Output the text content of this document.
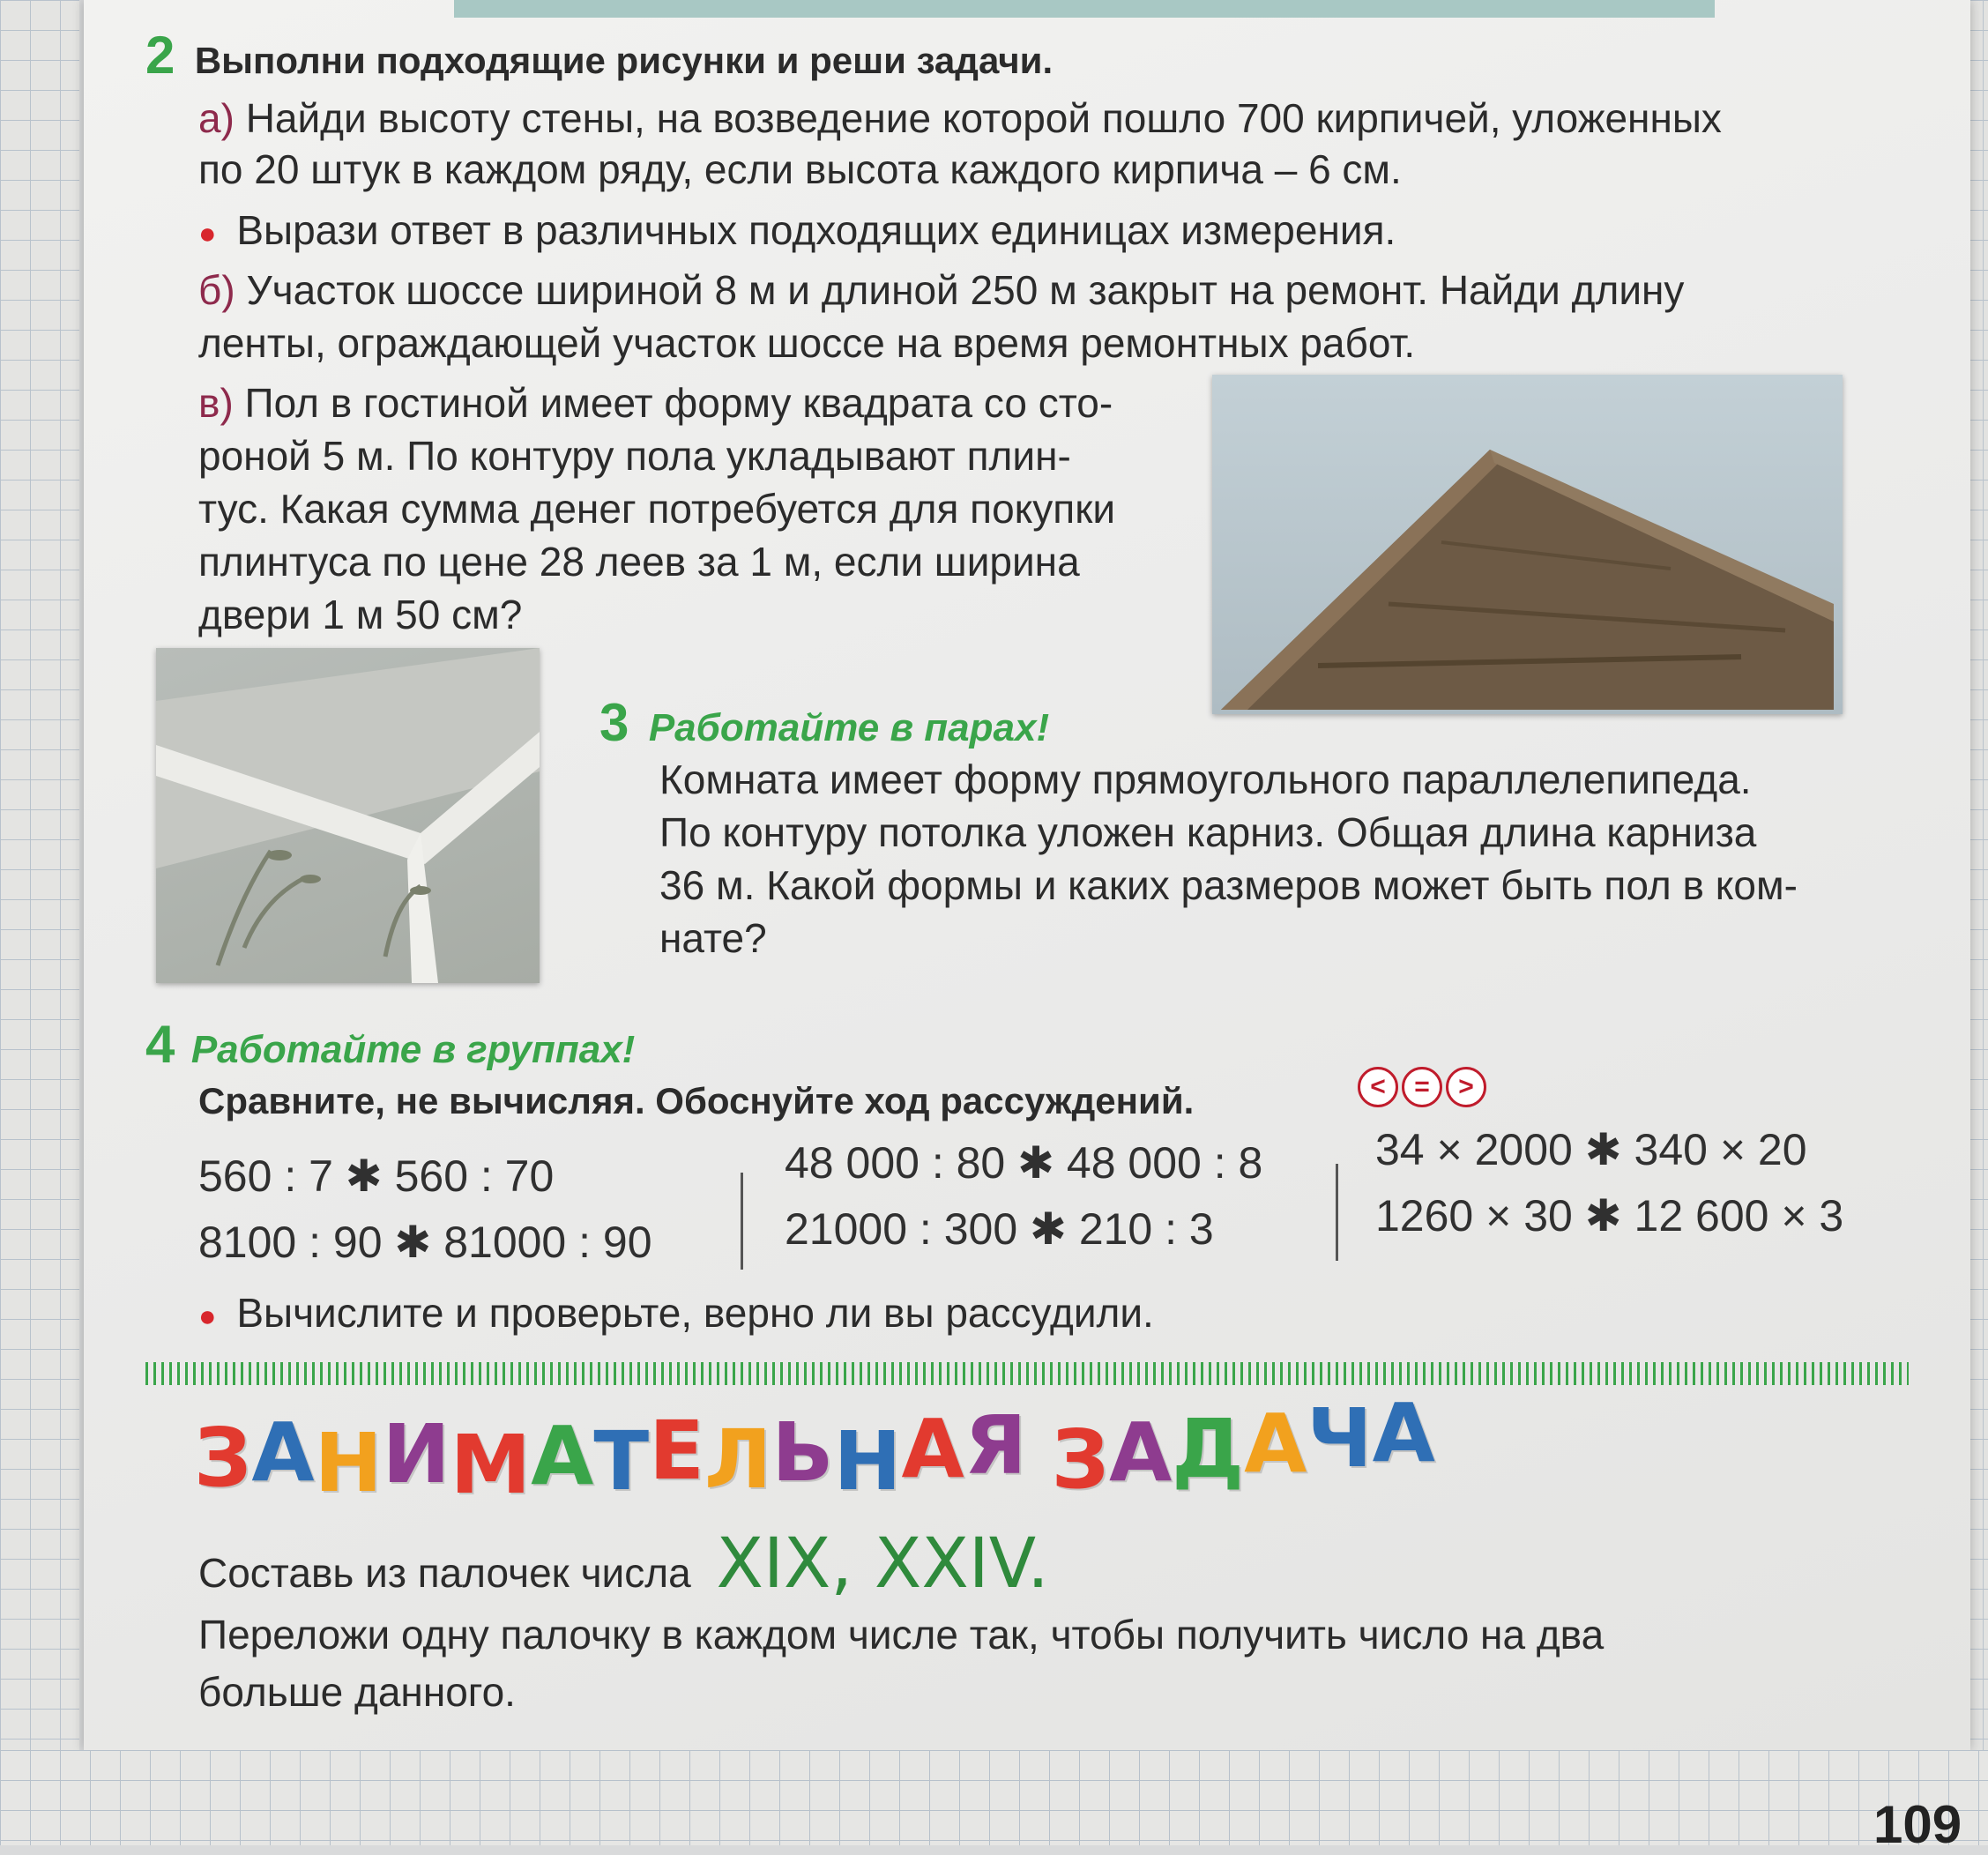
2 Выполни подходящие рисунки и реши задачи.
а) Найди высоту стены, на возведение которой пошло 700 кирпичей, уложенных
по 20 штук в каждом ряду, если высота каждого кирпича – 6 см.
● Вырази ответ в различных подходящих единицах измерения.
б) Участок шоссе шириной 8 м и длиной 250 м закрыт на ремонт. Найди длину
ленты, ограждающей участок шоссе на время ремонтных работ.
в) Пол в гостиной имеет форму квадрата со сто-
роной 5 м. По контуру пола укладывают плин-
тус. Какая сумма денег потребуется для покупки
плинтуса по цене 28 леев за 1 м, если ширина
двери 1 м 50 см?
3 Работайте в парах!
Комната имеет форму прямоугольного параллелепипеда.
По контуру потолка уложен карниз. Общая длина карниза
36 м. Какой формы и каких размеров может быть пол в ком-
нате?
4 Работайте в группах!
Сравните, не вычисляя. Обоснуйте ход рассуждений.	<	=	>
560 : 7 ✱ 560 : 70
8100 : 90 ✱ 81000 : 90
48 000 : 80 ✱ 48 000 : 8
21000 : 300 ✱ 210 : 3
34 × 2000 ✱ 340 × 20
1260 × 30 ✱ 12 600 × 3
● Вычислите и проверьте, верно ли вы рассудили.
ЗАНИМАТЕЛЬНАЯ ЗАДАЧА
Составь из палочек числа XIX, XXIV.
Переложи одну палочку в каждом числе так, чтобы получить число на два
больше данного.
109
